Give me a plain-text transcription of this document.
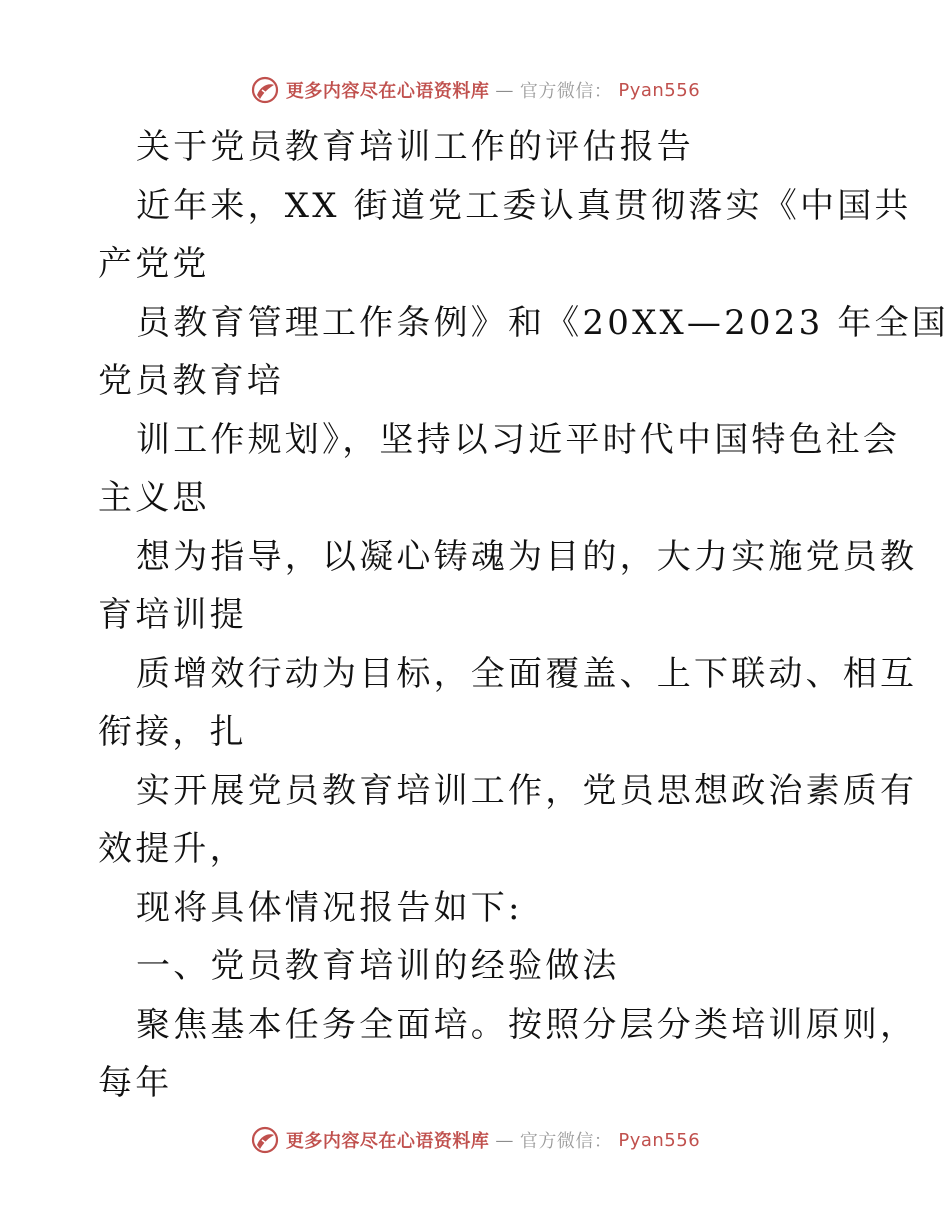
更多内容尽在心语资料库 — 官方微信： Pyan556
关于党员教育培训工作的评估报告
近年来，XX 街道党工委认真贯彻落实《中国共
产党党
员教育管理工作条例》和《20XX—2023 年全国
党员教育培
训工作规划》，坚持以习近平时代中国特色社会
主义思
想为指导，以凝心铸魂为目的，大力实施党员教
育培训提
质增效行动为目标，全面覆盖、上下联动、相互
衔接，扎
实开展党员教育培训工作，党员思想政治素质有
效提升，
现将具体情况报告如下:
一、党员教育培训的经验做法
聚焦基本任务全面培。按照分层分类培训原则，
每年
更多内容尽在心语资料库 — 官方微信： Pyan556
